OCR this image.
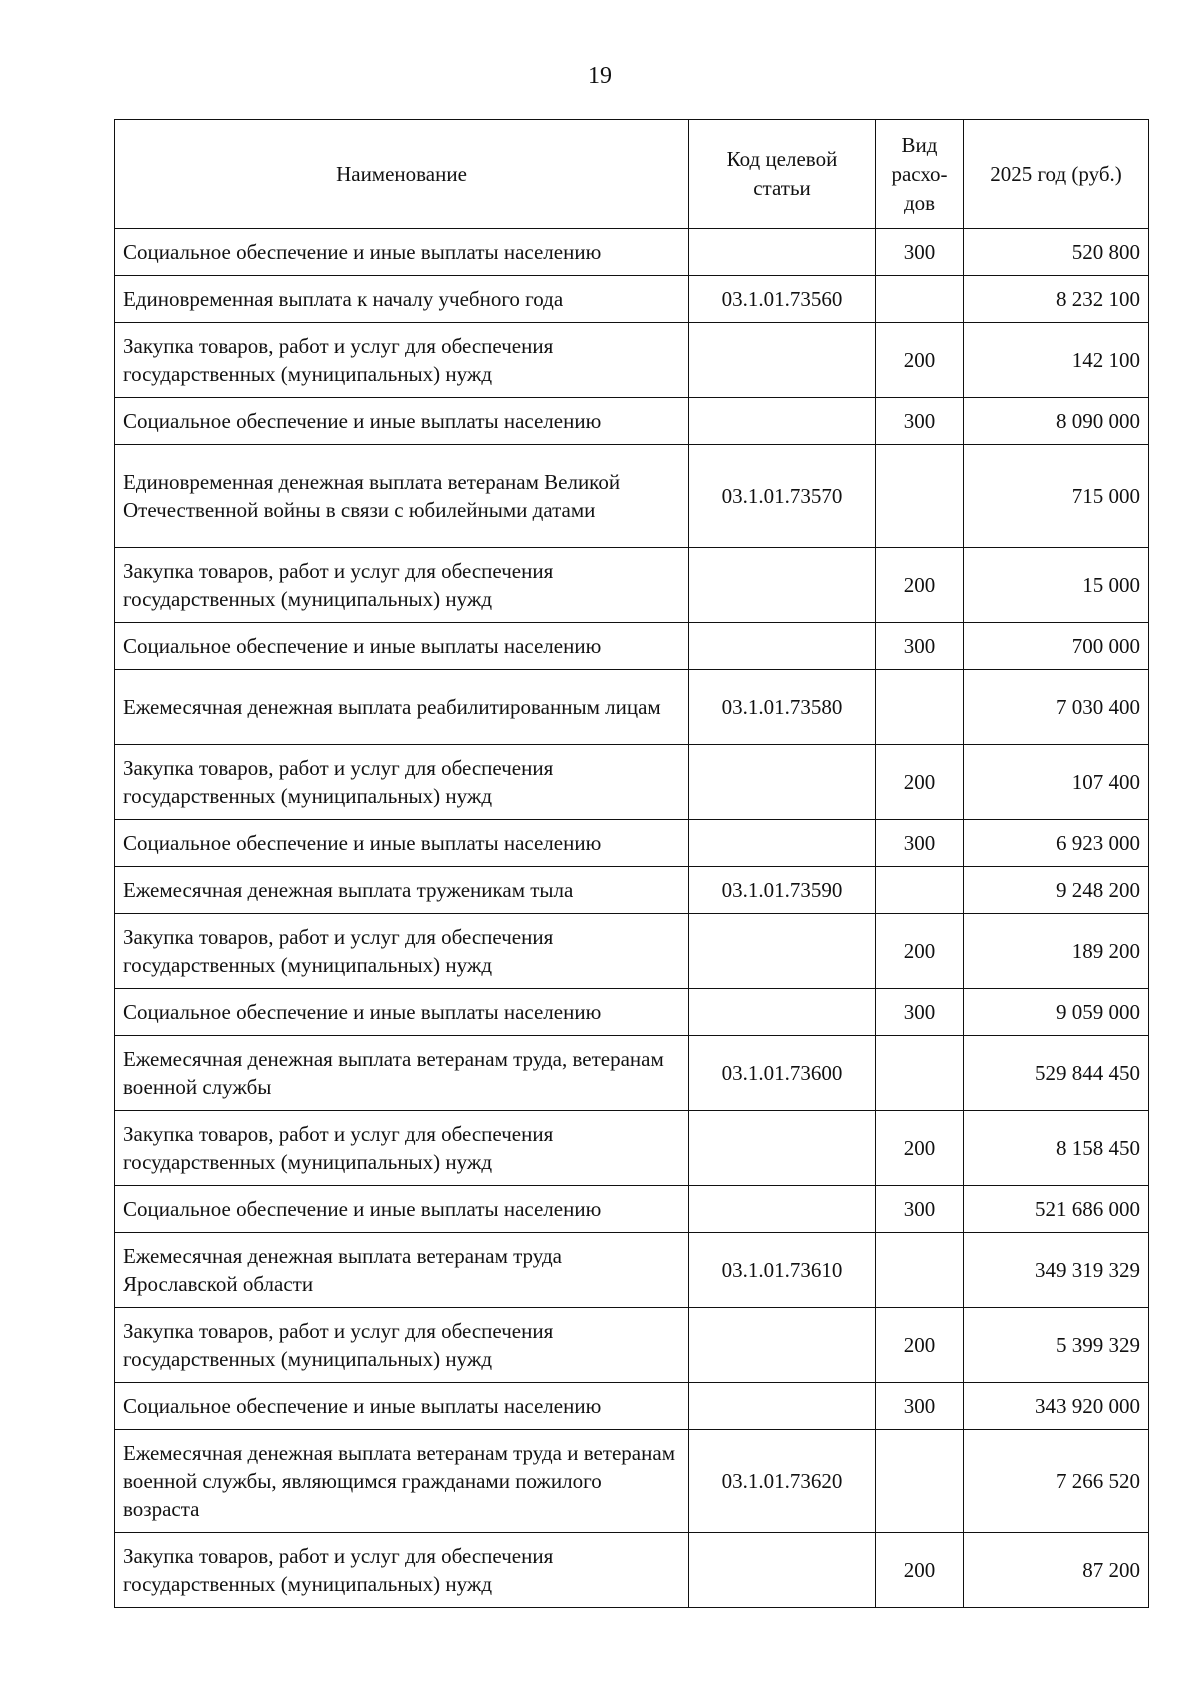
19
Наименование	Код целевой статьи	Вид расхо-дов	2025 год (руб.)
Социальное обеспечение и иные выплаты населению		300	520 800
Единовременная выплата к началу учебного года	03.1.01.73560		8 232 100
Закупка товаров, работ и услуг для обеспечения государственных (муниципальных) нужд		200	142 100
Социальное обеспечение и иные выплаты населению		300	8 090 000
Единовременная денежная выплата ветеранам Великой Отечественной войны в связи с юбилейными датами	03.1.01.73570		715 000
Закупка товаров, работ и услуг для обеспечения государственных (муниципальных) нужд		200	15 000
Социальное обеспечение и иные выплаты населению		300	700 000
Ежемесячная денежная выплата реабилитированным лицам	03.1.01.73580		7 030 400
Закупка товаров, работ и услуг для обеспечения государственных (муниципальных) нужд		200	107 400
Социальное обеспечение и иные выплаты населению		300	6 923 000
Ежемесячная денежная выплата труженикам тыла	03.1.01.73590		9 248 200
Закупка товаров, работ и услуг для обеспечения государственных (муниципальных) нужд		200	189 200
Социальное обеспечение и иные выплаты населению		300	9 059 000
Ежемесячная денежная выплата ветеранам труда, ветеранам военной службы	03.1.01.73600		529 844 450
Закупка товаров, работ и услуг для обеспечения государственных (муниципальных) нужд		200	8 158 450
Социальное обеспечение и иные выплаты населению		300	521 686 000
Ежемесячная денежная выплата ветеранам труда Ярославской области	03.1.01.73610		349 319 329
Закупка товаров, работ и услуг для обеспечения государственных (муниципальных) нужд		200	5 399 329
Социальное обеспечение и иные выплаты населению		300	343 920 000
Ежемесячная денежная выплата ветеранам труда и ветеранам военной службы, являющимся гражданами пожилого возраста	03.1.01.73620		7 266 520
Закупка товаров, работ и услуг для обеспечения государственных (муниципальных) нужд		200	87 200
